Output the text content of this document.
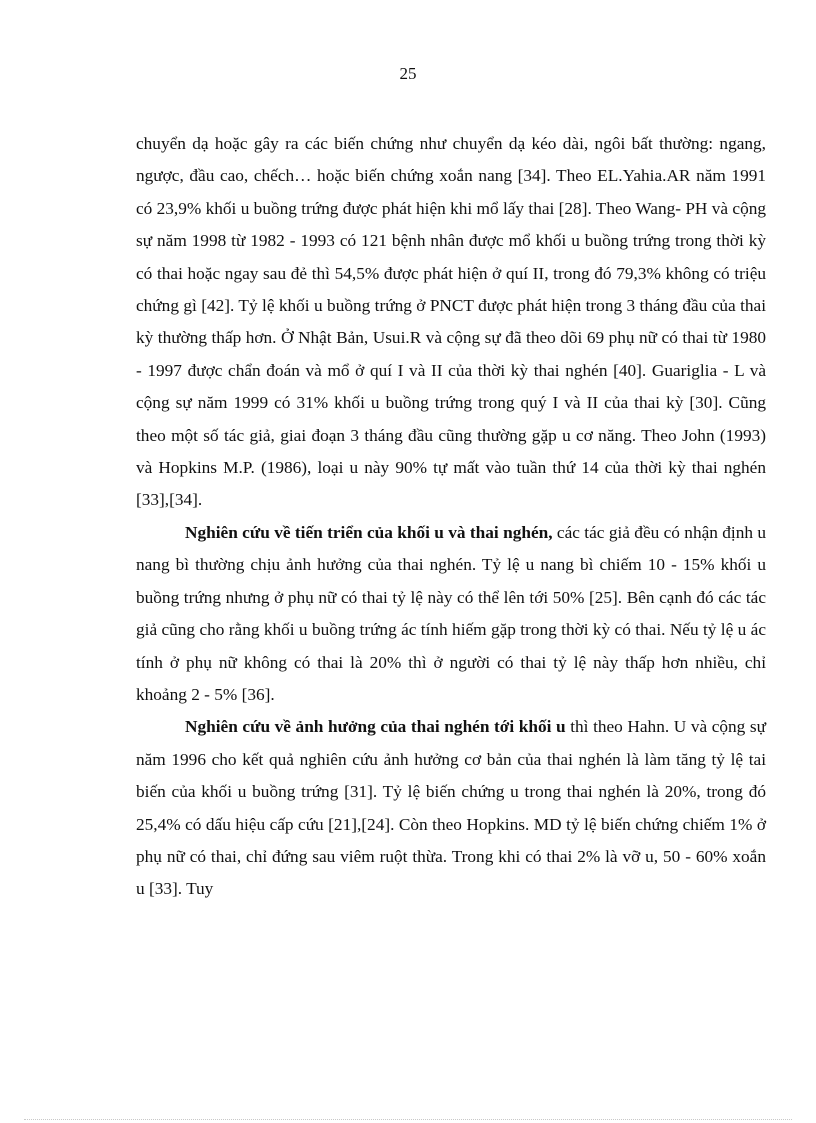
25

chuyển dạ hoặc gây ra các biến chứng như chuyển dạ kéo dài, ngôi bất thường: ngang, ngược, đầu cao, chếch… hoặc biến chứng xoắn nang [34]. Theo EL.Yahia.AR năm 1991 có 23,9% khối u buồng trứng được phát hiện khi mổ lấy thai [28]. Theo Wang- PH và cộng sự năm 1998 từ 1982 - 1993 có 121 bệnh nhân được mổ khối u buồng trứng trong thời kỳ có thai hoặc ngay sau đẻ thì 54,5% được phát hiện ở quí II, trong đó 79,3% không có triệu chứng gì [42]. Tỷ lệ khối u buồng trứng ở PNCT được phát hiện trong 3 tháng đầu của thai kỳ thường thấp hơn. Ở Nhật Bản, Usui.R và cộng sự đã theo dõi 69 phụ nữ có thai từ 1980 - 1997 được chẩn đoán và mổ ở quí I và II của thời kỳ thai nghén [40]. Guariglia - L và cộng sự năm 1999 có 31% khối u buồng trứng trong quý I và II của thai kỳ [30]. Cũng theo một số tác giả, giai đoạn 3 tháng đầu cũng thường gặp u cơ năng. Theo John (1993) và Hopkins M.P. (1986), loại u này 90% tự mất vào tuần thứ 14 của thời kỳ thai nghén [33],[34].

Nghiên cứu về tiến triển của khối u và thai nghén, các tác giả đều có nhận định u nang bì thường chịu ảnh hưởng của thai nghén. Tỷ lệ u nang bì chiếm 10 - 15% khối u buồng trứng nhưng ở phụ nữ có thai tỷ lệ này có thể lên tới 50% [25]. Bên cạnh đó các tác giả cũng cho rằng khối u buồng trứng ác tính hiếm gặp trong thời kỳ có thai. Nếu tỷ lệ u ác tính ở phụ nữ không có thai là 20% thì ở người có thai tỷ lệ này thấp hơn nhiều, chỉ khoảng 2 - 5% [36].

Nghiên cứu về ảnh hưởng của thai nghén tới khối u thì theo Hahn. U và cộng sự năm 1996 cho kết quả nghiên cứu ảnh hưởng cơ bản của thai nghén là làm tăng tỷ lệ tai biến của khối u buồng trứng [31]. Tỷ lệ biến chứng u trong thai nghén là 20%, trong đó 25,4% có dấu hiệu cấp cứu [21],[24]. Còn theo Hopkins. MD tỷ lệ biến chứng chiếm 1% ở phụ nữ có thai, chỉ đứng sau viêm ruột thừa. Trong khi có thai 2% là vỡ u, 50 - 60% xoắn u [33]. Tuy
